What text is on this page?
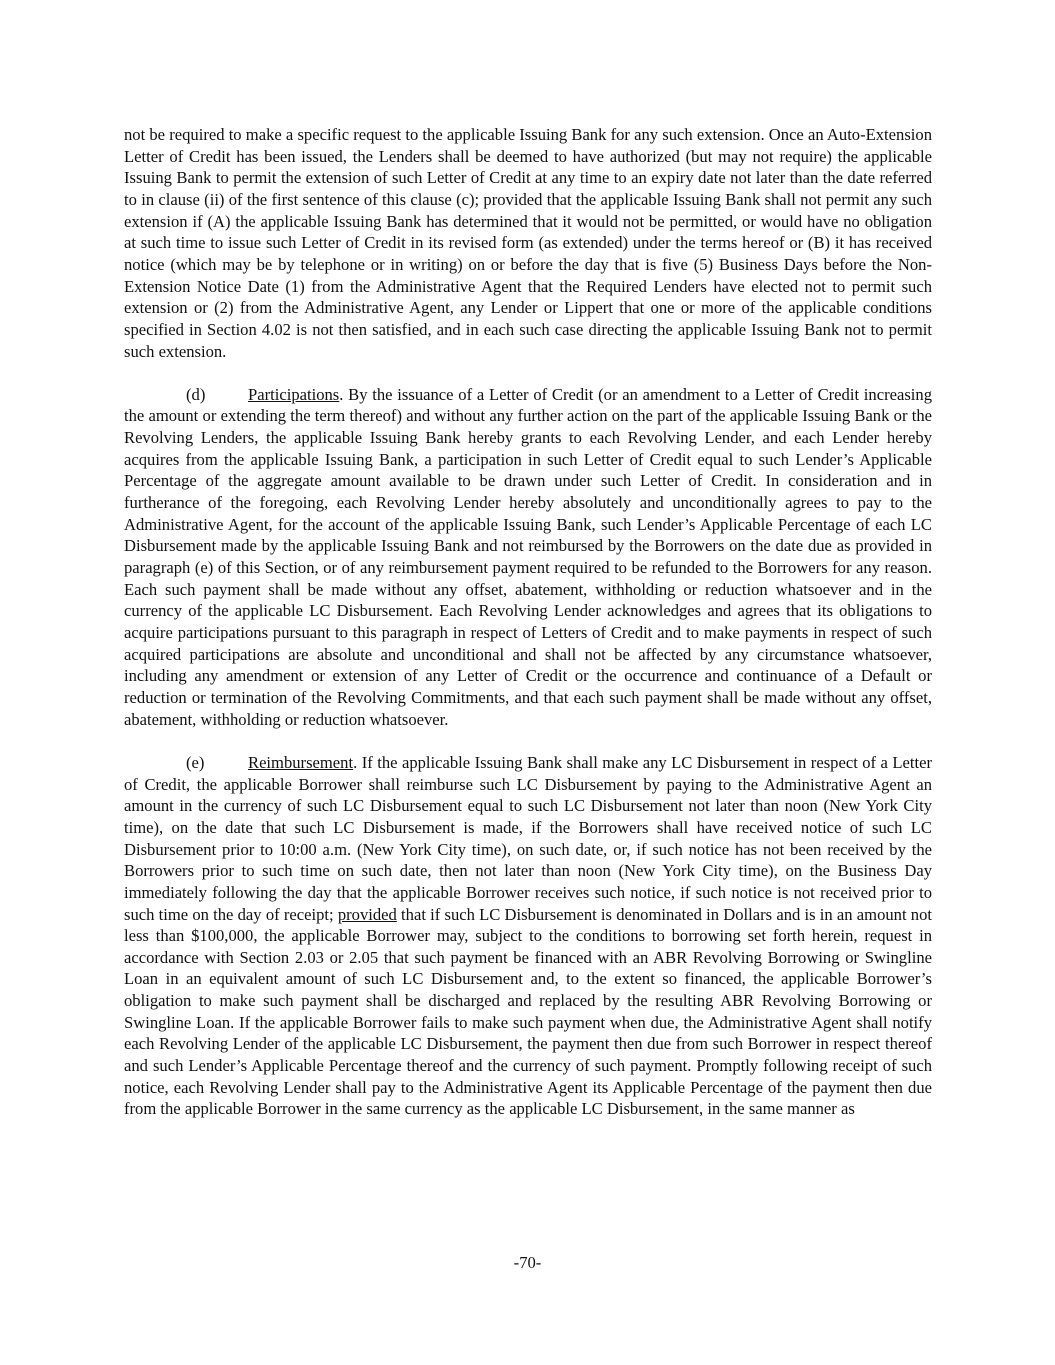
not be required to make a specific request to the applicable Issuing Bank for any such extension. Once an Auto-Extension Letter of Credit has been issued, the Lenders shall be deemed to have authorized (but may not require) the applicable Issuing Bank to permit the extension of such Letter of Credit at any time to an expiry date not later than the date referred to in clause (ii) of the first sentence of this clause (c); provided that the applicable Issuing Bank shall not permit any such extension if (A) the applicable Issuing Bank has determined that it would not be permitted, or would have no obligation at such time to issue such Letter of Credit in its revised form (as extended) under the terms hereof or (B) it has received notice (which may be by telephone or in writing) on or before the day that is five (5) Business Days before the Non-Extension Notice Date (1) from the Administrative Agent that the Required Lenders have elected not to permit such extension or (2) from the Administrative Agent, any Lender or Lippert that one or more of the applicable conditions specified in Section 4.02 is not then satisfied, and in each such case directing the applicable Issuing Bank not to permit such extension.

(d)	Participations. By the issuance of a Letter of Credit (or an amendment to a Letter of Credit increasing the amount or extending the term thereof) and without any further action on the part of the applicable Issuing Bank or the Revolving Lenders, the applicable Issuing Bank hereby grants to each Revolving Lender, and each Lender hereby acquires from the applicable Issuing Bank, a participation in such Letter of Credit equal to such Lender’s Applicable Percentage of the aggregate amount available to be drawn under such Letter of Credit. In consideration and in furtherance of the foregoing, each Revolving Lender hereby absolutely and unconditionally agrees to pay to the Administrative Agent, for the account of the applicable Issuing Bank, such Lender’s Applicable Percentage of each LC Disbursement made by the applicable Issuing Bank and not reimbursed by the Borrowers on the date due as provided in paragraph (e) of this Section, or of any reimbursement payment required to be refunded to the Borrowers for any reason. Each such payment shall be made without any offset, abatement, withholding or reduction whatsoever and in the currency of the applicable LC Disbursement. Each Revolving Lender acknowledges and agrees that its obligations to acquire participations pursuant to this paragraph in respect of Letters of Credit and to make payments in respect of such acquired participations are absolute and unconditional and shall not be affected by any circumstance whatsoever, including any amendment or extension of any Letter of Credit or the occurrence and continuance of a Default or reduction or termination of the Revolving Commitments, and that each such payment shall be made without any offset, abatement, withholding or reduction whatsoever.

(e)	Reimbursement. If the applicable Issuing Bank shall make any LC Disbursement in respect of a Letter of Credit, the applicable Borrower shall reimburse such LC Disbursement by paying to the Administrative Agent an amount in the currency of such LC Disbursement equal to such LC Disbursement not later than noon (New York City time), on the date that such LC Disbursement is made, if the Borrowers shall have received notice of such LC Disbursement prior to 10:00 a.m. (New York City time), on such date, or, if such notice has not been received by the Borrowers prior to such time on such date, then not later than noon (New York City time), on the Business Day immediately following the day that the applicable Borrower receives such notice, if such notice is not received prior to such time on the day of receipt; provided that if such LC Disbursement is denominated in Dollars and is in an amount not less than $100,000, the applicable Borrower may, subject to the conditions to borrowing set forth herein, request in accordance with Section 2.03 or 2.05 that such payment be financed with an ABR Revolving Borrowing or Swingline Loan in an equivalent amount of such LC Disbursement and, to the extent so financed, the applicable Borrower’s obligation to make such payment shall be discharged and replaced by the resulting ABR Revolving Borrowing or Swingline Loan. If the applicable Borrower fails to make such payment when due, the Administrative Agent shall notify each Revolving Lender of the applicable LC Disbursement, the payment then due from such Borrower in respect thereof and such Lender’s Applicable Percentage thereof and the currency of such payment. Promptly following receipt of such notice, each Revolving Lender shall pay to the Administrative Agent its Applicable Percentage of the payment then due from the applicable Borrower in the same currency as the applicable LC Disbursement, in the same manner as

-70-
